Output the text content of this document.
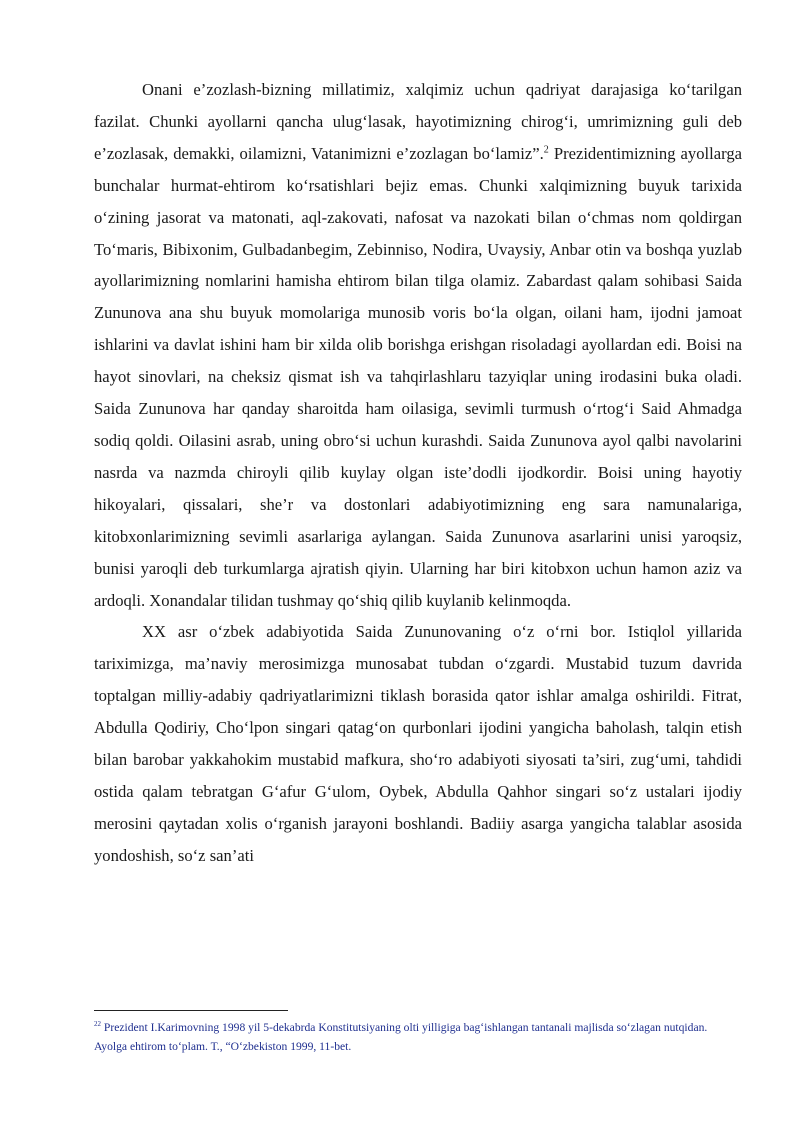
Onani e’zozlash-bizning millatimiz, xalqimiz uchun qadriyat darajasiga ko‘tarilgan fazilat. Chunki ayollarni qancha ulug‘lasak, hayotimizning chirog‘i, umrimizning guli deb e’zozlasak, demakki, oilamizni, Vatanimizni e’zozlagan bo‘lamiz”.$^2$ Prezidentimizning ayollarga bunchalar hurmat-ehtirom ko‘rsatishlari bejiz emas. Chunki xalqimizning buyuk tarixida o‘zining jasorat va matonati, aql-zakovati, nafosat va nazokati bilan o‘chmas nom qoldirgan To‘maris, Bibixonim, Gulbadanbegim, Zebinniso, Nodira, Uvaysiy, Anbar otin va boshqa yuzlab ayollarimizning nomlarini hamisha ehtirom bilan tilga olamiz. Zabardast qalam sohibasi Saida Zununova ana shu buyuk momolariga munosib voris bo‘la olgan, oilani ham, ijodni jamoat ishlarini va davlat ishini ham bir xilda olib borishga erishgan risoladagi ayollardan edi. Boisi na hayot sinovlari, na cheksiz qismat ish va tahqirlashlaru tazyiqlar uning irodasini buka oladi. Saida Zununova har qanday sharoitda ham oilasiga, sevimli turmush o‘rtog‘i Said Ahmadga sodiq qoldi. Oilasini asrab, uning obro‘si uchun kurashdi. Saida Zununova ayol qalbi navolarini nasrda va nazmda chiroyli qilib kuylay olgan iste’dodli ijodkordir. Boisi uning hayotiy hikoyalari, qissalari, she’r va dostonlari adabiyotimizning eng sara namunalariga, kitobxonlarimizning sevimli asarlariga aylangan. Saida Zununova asarlarini unisi yaroqsiz, bunisi yaroqli deb turkumlarga ajratish qiyin. Ularning har biri kitobxon uchun hamon aziz va ardoqli. Xonandalar tilidan tushmay qo‘shiq qilib kuylanib kelinmoqda.

XX asr o‘zbek adabiyotida Saida Zununovaning o‘z o‘rni bor. Istiqlol yillarida tariximizga, ma’naviy merosimizga munosabat tubdan o‘zgardi. Mustabid tuzum davrida toptalgan milliy-adabiy qadriyatlarimizni tiklash borasida qator ishlar amalga oshirildi. Fitrat, Abdulla Qodiriy, Cho‘lpon singari qatag‘on qurbonlari ijodini yangicha baholash, talqin etish bilan barobar yakkahokim mustabid mafkura, sho‘ro adabiyoti siyosati ta’siri, zug‘umi, tahdidi ostida qalam tebratgan G‘afur G‘ulom, Oybek, Abdulla Qahhor singari so‘z ustalari ijodiy merosini qaytadan xolis o‘rganish jarayoni boshlandi. Badiiy asarga yangicha talablar asosida yondoshish, so‘z san’ati

$^{22}$ Prezident I.Karimovning 1998 yil 5-dekabrda Konstitutsiyaning olti yilligiga bag‘ishlangan tantanali majlisda so‘zlagan nutqidan. Ayolga ehtirom to‘plam. T., “O‘zbekiston 1999, 11-bet.
